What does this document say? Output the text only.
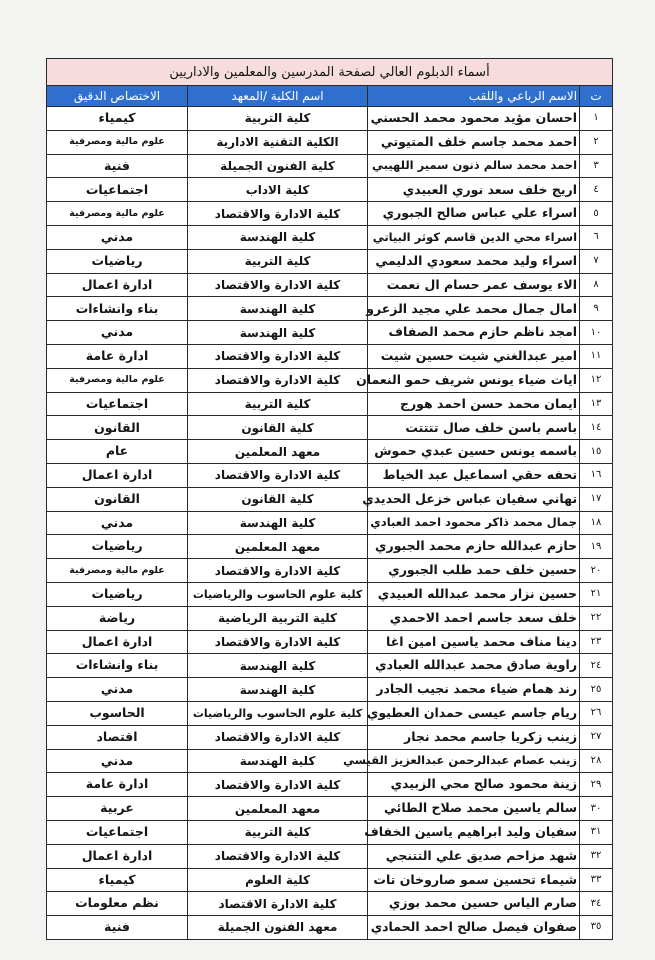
أسماء الدبلوم العالي لصفحة المدرسين والمعلمين والاداريين			
ت	الاسم الرباعي واللقب	اسم الكلية /المعهد	الاختصاص الدقيق
١	احسان مؤيد محمود محمد الحسني	كلية التربية	كيمياء
٢	احمد محمد جاسم خلف المتيوتي	الكلية التقنية الادارية	علوم مالية ومصرفية
٣	احمد محمد سالم ذنون سمير اللهيبي	كلية الفنون الجميلة	فنية
٤	اريج خلف سعد نوري العبيدي	كلية الاداب	اجتماعيات
٥	اسراء علي عباس صالح الجبوري	كلية الادارة والاقتصاد	علوم مالية ومصرفية
٦	اسراء محي الدين قاسم كوثر البياتي	كلية الهندسة	مدني
٧	اسراء وليد محمد سعودي الدليمي	كلية التربية	رياضيات
٨	الاء يوسف عمر حسام ال نعمت	كلية الادارة والاقتصاد	ادارة اعمال
٩	امال جمال محمد علي مجيد الزعرو	كلية الهندسة	بناء وانشاءات
١٠	امجد ناظم حازم محمد الصفاف	كلية الهندسة	مدني
١١	امير عبدالغني شيت حسين شيت	كلية الادارة والاقتصاد	ادارة عامة
١٢	ايات ضياء يونس شريف حمو النعمان	كلية الادارة والاقتصاد	علوم مالية ومصرفية
١٣	ايمان محمد حسن احمد هورج	كلية التربية	اجتماعيات
١٤	باسم باسن خلف صال تتتتت	كلية القانون	القانون
١٥	باسمه يونس حسين عبدي حموش	معهد المعلمين	عام
١٦	تحفه حقي اسماعيل عبد الخياط	كلية الادارة والاقتصاد	ادارة اعمال
١٧	تهاني سفيان عباس خزعل الحديدي	كلية القانون	القانون
١٨	جمال محمد ذاكر محمود احمد العبادي	كلية الهندسة	مدني
١٩	حازم عبدالله حازم محمد الجبوري	معهد المعلمين	رياضيات
٢٠	حسين خلف حمد طلب الجبوري	كلية الادارة والاقتصاد	علوم مالية ومصرفية
٢١	حسين نزار محمد عبدالله العبيدي	كلية علوم الحاسوب والرياضيات	رياضيات
٢٢	خلف سعد جاسم احمد الاحمدي	كلية التربية الرياضية	رياضة
٢٣	دينا مناف محمد ياسين امين اغا	كلية الادارة والاقتصاد	ادارة اعمال
٢٤	راوية صادق محمد عبدالله العبادي	كلية الهندسة	بناء وانشاءات
٢٥	رند همام ضياء محمد نجيب الجادر	كلية الهندسة	مدني
٢٦	ريام جاسم عيسى حمدان العطيوي	كلية علوم الحاسوب والرياضيات	الحاسوب
٢٧	زينب زكريا جاسم محمد نجار	كلية الادارة والاقتصاد	اقتصاد
٢٨	زينب عصام عبدالرحمن عبدالعزيز القيسي	كلية الهندسة	مدني
٢٩	زينة محمود صالح محي الزبيدي	كلية الادارة والاقتصاد	ادارة عامة
٣٠	سالم ياسين محمد صلاح الطائي	معهد المعلمين	عربية
٣١	سفيان وليد ابراهيم ياسين الخفاف	كلية التربية	اجتماعيات
٣٢	شهد مزاحم صديق علي التتنجي	كلية الادارة والاقتصاد	ادارة اعمال
٣٣	شيماء تحسين سمو صاروخان تات	كلية العلوم	كيمياء
٣٤	صارم الياس حسين محمد بوزي	كلية الادارة الاقتصاد	نظم معلومات
٣٥	صفوان فيصل صالح احمد الحمادي	معهد الفنون الجميلة	فنية
